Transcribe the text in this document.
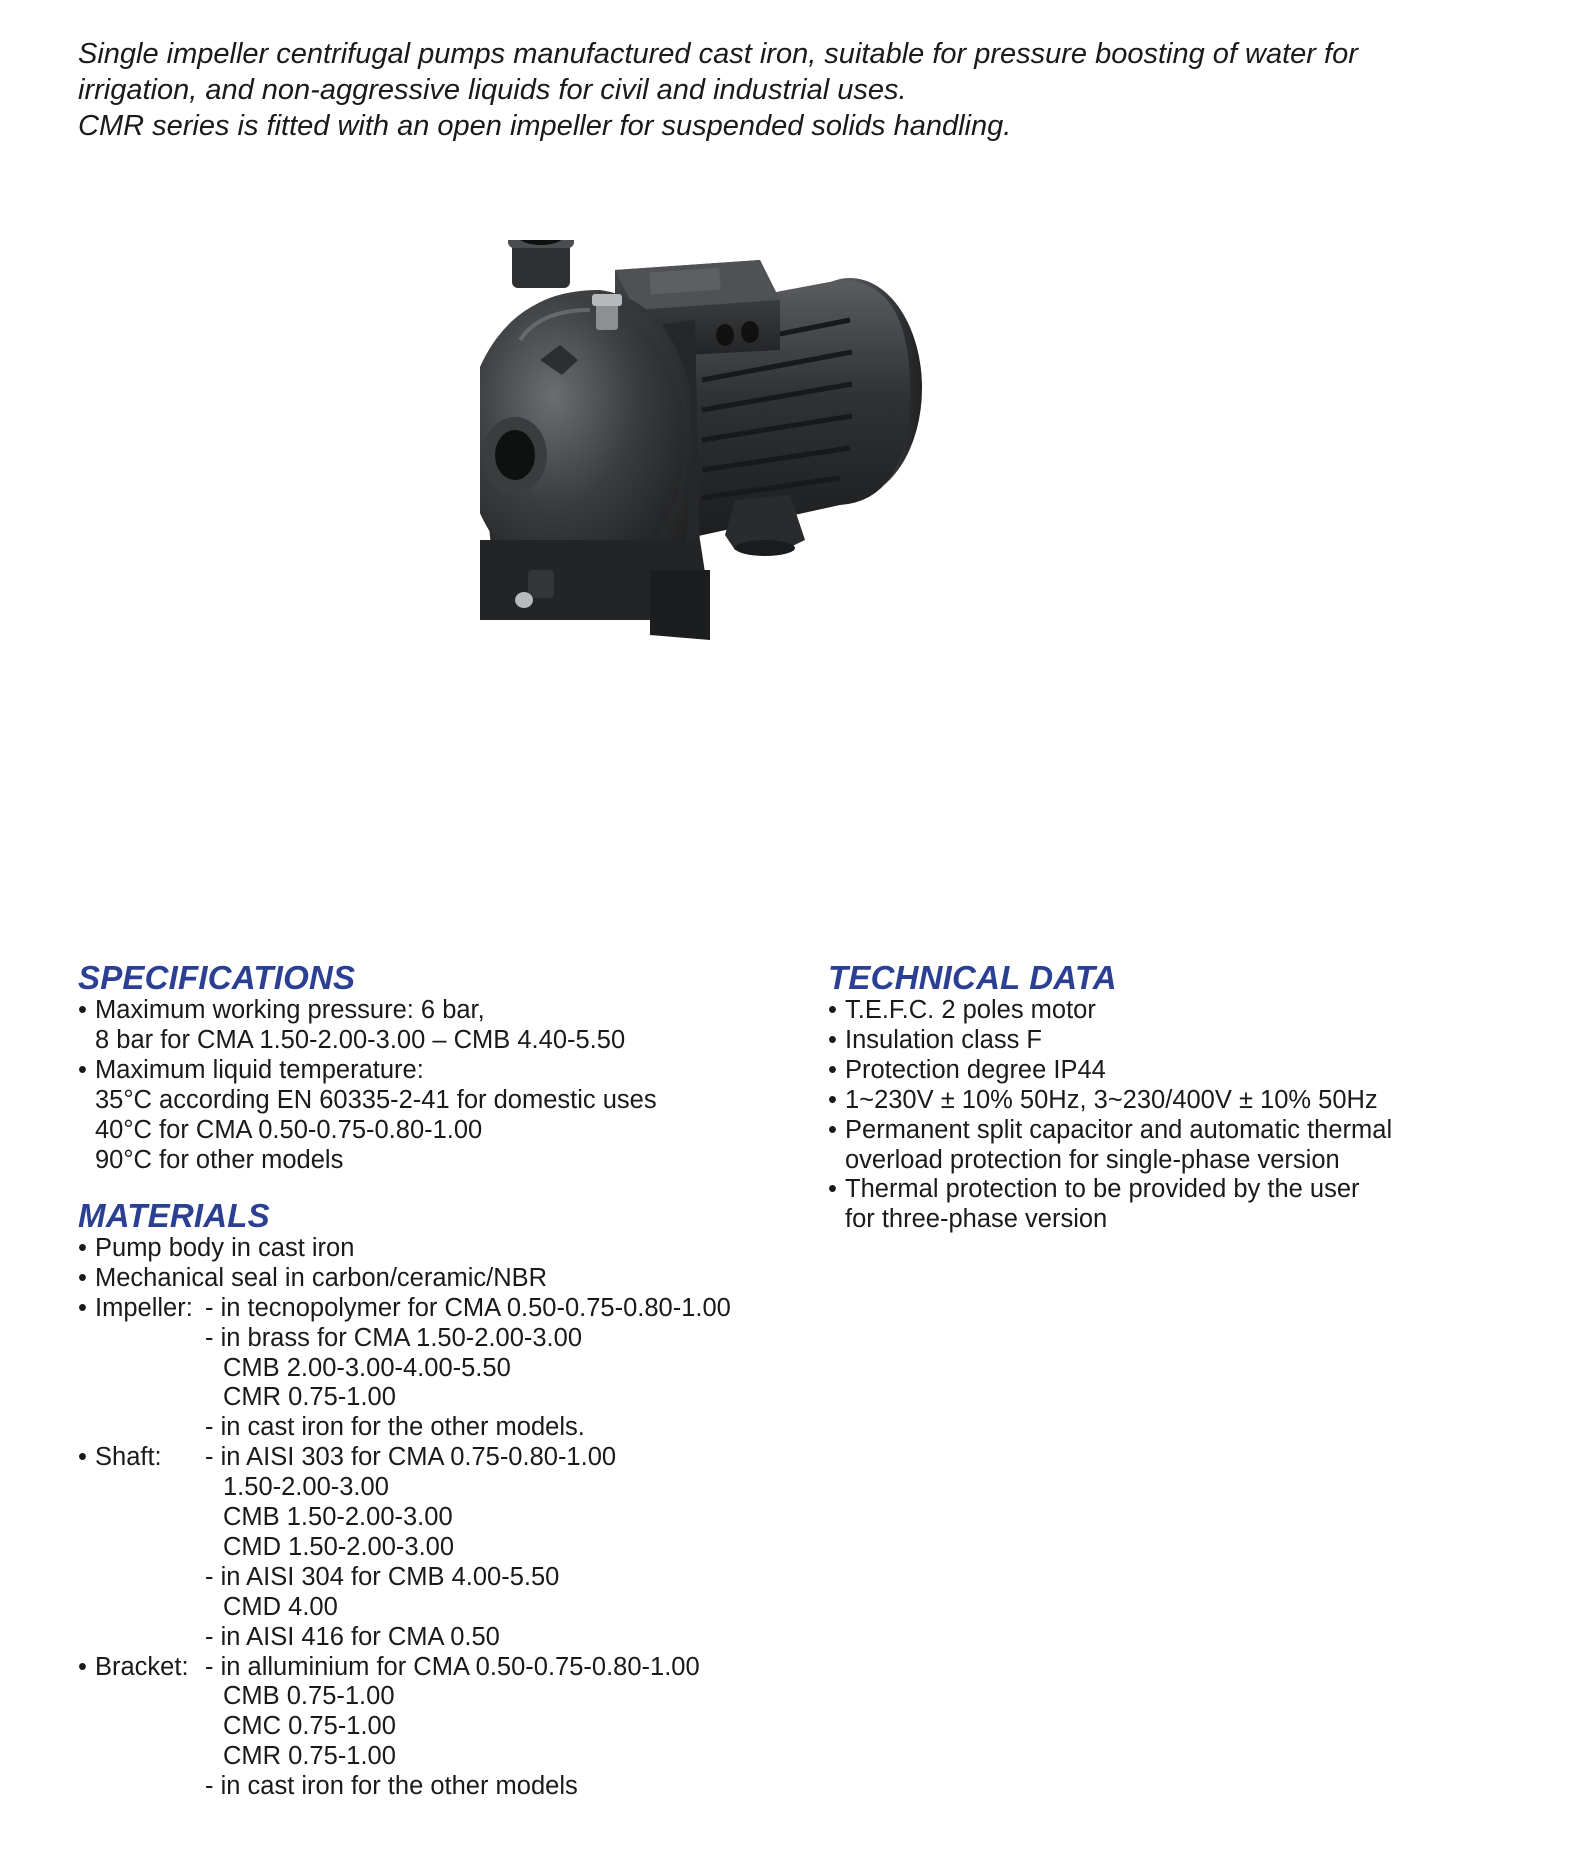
Single impeller centrifugal pumps manufactured cast iron, suitable for pressure boosting of water for
irrigation, and non-aggressive liquids for civil and industrial uses.
CMR series is fitted with an open impeller for suspended solids handling.
SPECIFICATIONS
• Maximum working pressure: 6 bar,
8 bar for CMA 1.50-2.00-3.00 – CMB 4.40-5.50
• Maximum liquid temperature:
35°C according EN 60335-2-41 for domestic uses
40°C for CMA 0.50-0.75-0.80-1.00
90°C for other models
MATERIALS
• Pump body in cast iron
• Mechanical seal in carbon/ceramic/NBR
• Impeller: - in tecnopolymer for CMA 0.50-0.75-0.80-1.00
- in brass for CMA 1.50-2.00-3.00
CMB 2.00-3.00-4.00-5.50
CMR 0.75-1.00
- in cast iron for the other models.
• Shaft: - in AISI 303 for CMA 0.75-0.80-1.00
1.50-2.00-3.00
CMB 1.50-2.00-3.00
CMD 1.50-2.00-3.00
- in AISI 304 for CMB 4.00-5.50
CMD 4.00
- in AISI 416 for CMA 0.50
• Bracket: - in alluminium for CMA 0.50-0.75-0.80-1.00
CMB 0.75-1.00
CMC 0.75-1.00
CMR 0.75-1.00
- in cast iron for the other models
TECHNICAL DATA
• T.E.F.C. 2 poles motor
• Insulation class F
• Protection degree IP44
• 1~230V ± 10% 50Hz, 3~230/400V ± 10% 50Hz
• Permanent split capacitor and automatic thermal
overload protection for single-phase version
• Thermal protection to be provided by the user
for three-phase version
